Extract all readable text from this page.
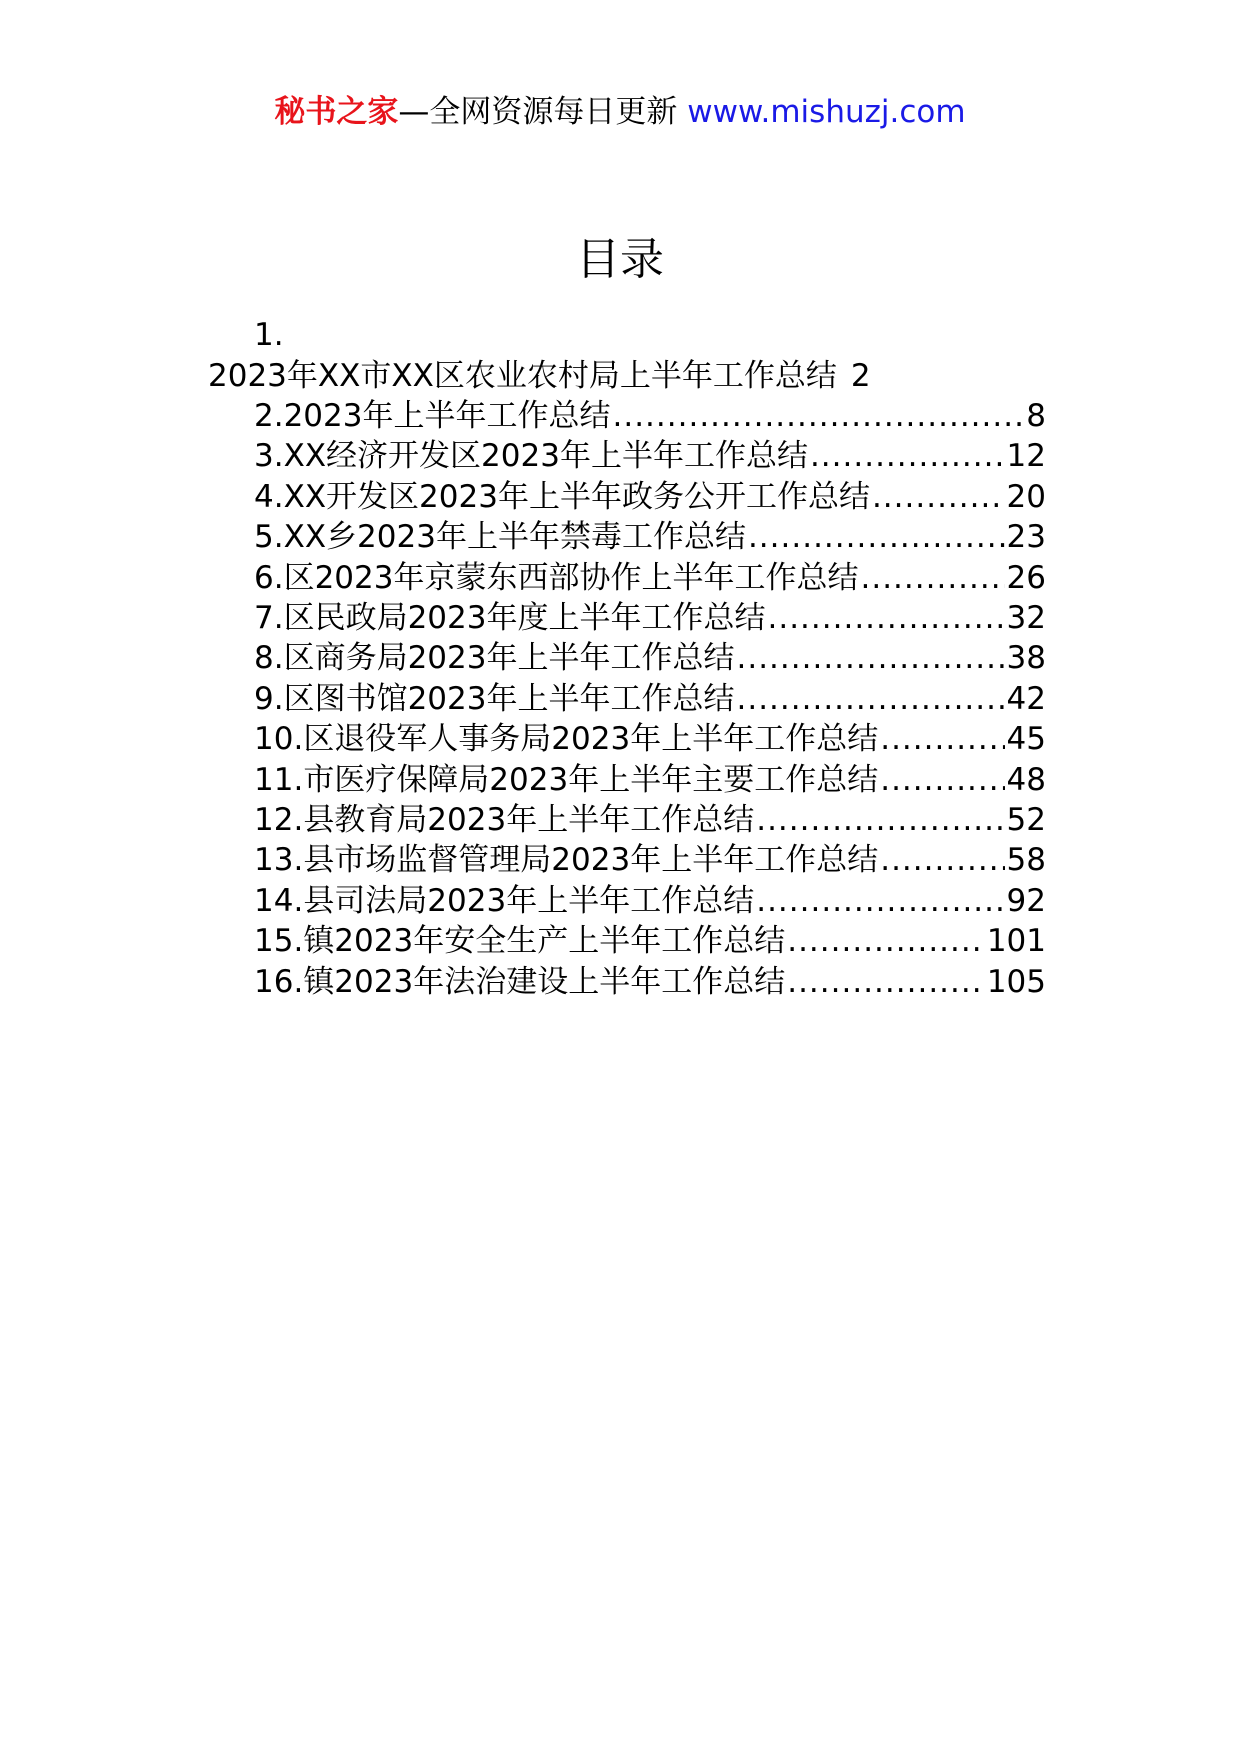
秘书之家—全网资源每日更新 www.mishuzj.com
目录
1.
2023年XX市XX区农业农村局上半年工作总结 2
2. 2023年上半年工作总结 .....	8
3. XX经济开发区2023年上半年工作总结 .....	12
4. XX开发区2023年上半年政务公开工作总结 .....	20
5. XX乡2023年上半年禁毒工作总结 .....	23
6. 区2023年京蒙东西部协作上半年工作总结 .....	26
7. 区民政局2023年度上半年工作总结 .....	32
8. 区商务局2023年上半年工作总结 .....	38
9. 区图书馆2023年上半年工作总结 .....	42
10. 区退役军人事务局2023年上半年工作总结 .....	45
11. 市医疗保障局2023年上半年主要工作总结 .....	48
12. 县教育局2023年上半年工作总结 .....	52
13. 县市场监督管理局2023年上半年工作总结 .....	58
14. 县司法局2023年上半年工作总结 .....	92
15. 镇2023年安全生产上半年工作总结 .....	101
16. 镇2023年法治建设上半年工作总结 .....	105
